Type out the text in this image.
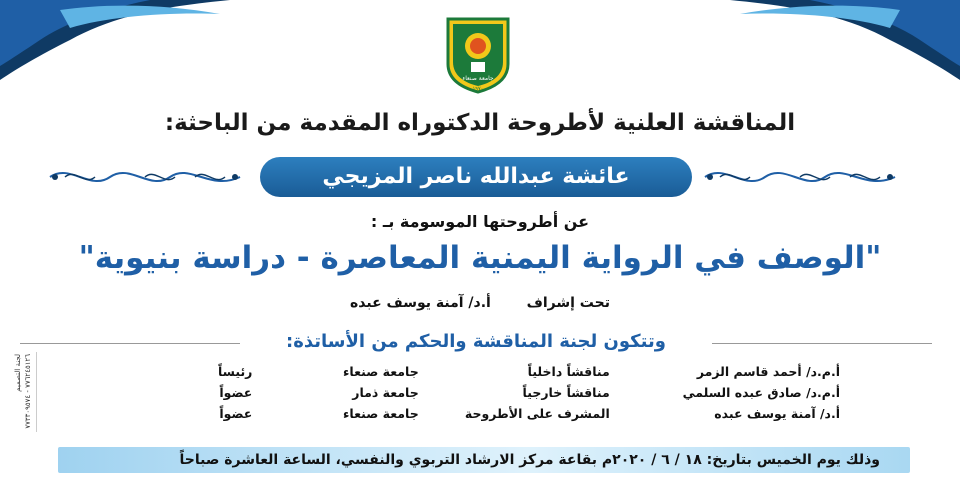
جامعة صنعاء
١٩٧٠
المناقشة العلنية لأطروحة الدكتوراه المقدمة من الباحثة:
عائشة عبدالله ناصر المزيجي
عن أطروحتها الموسومة بـ :
"الوصف في الرواية اليمنية المعاصرة - دراسة بنيوية"
تحت إشراف  أ.د/ آمنة يوسف عبده
وتتكون لجنة المناقشة والحكم من الأساتذة:
أ.م.د/ أحمد قاسم الزمر
مناقشاً داخلياً
جامعة صنعاء
رئيساً
أ.م.د/ صادق عبده السلمي
مناقشاً خارجياً
جامعة ذمار
عضواً
أ.د/ آمنة يوسف عبده
المشرف على الأطروحة
جامعة صنعاء
عضواً
لجنة التصميم
٧٧٦٢٤٥١٢٦ - ٧٧٣٣٠٩٥٧٤
وذلك يوم الخميس بتاريخ: ١٨ / ٦ / ٢٠٢٠م بقاعة مركز الارشاد التربوي والنفسي، الساعة العاشرة صباحاً
